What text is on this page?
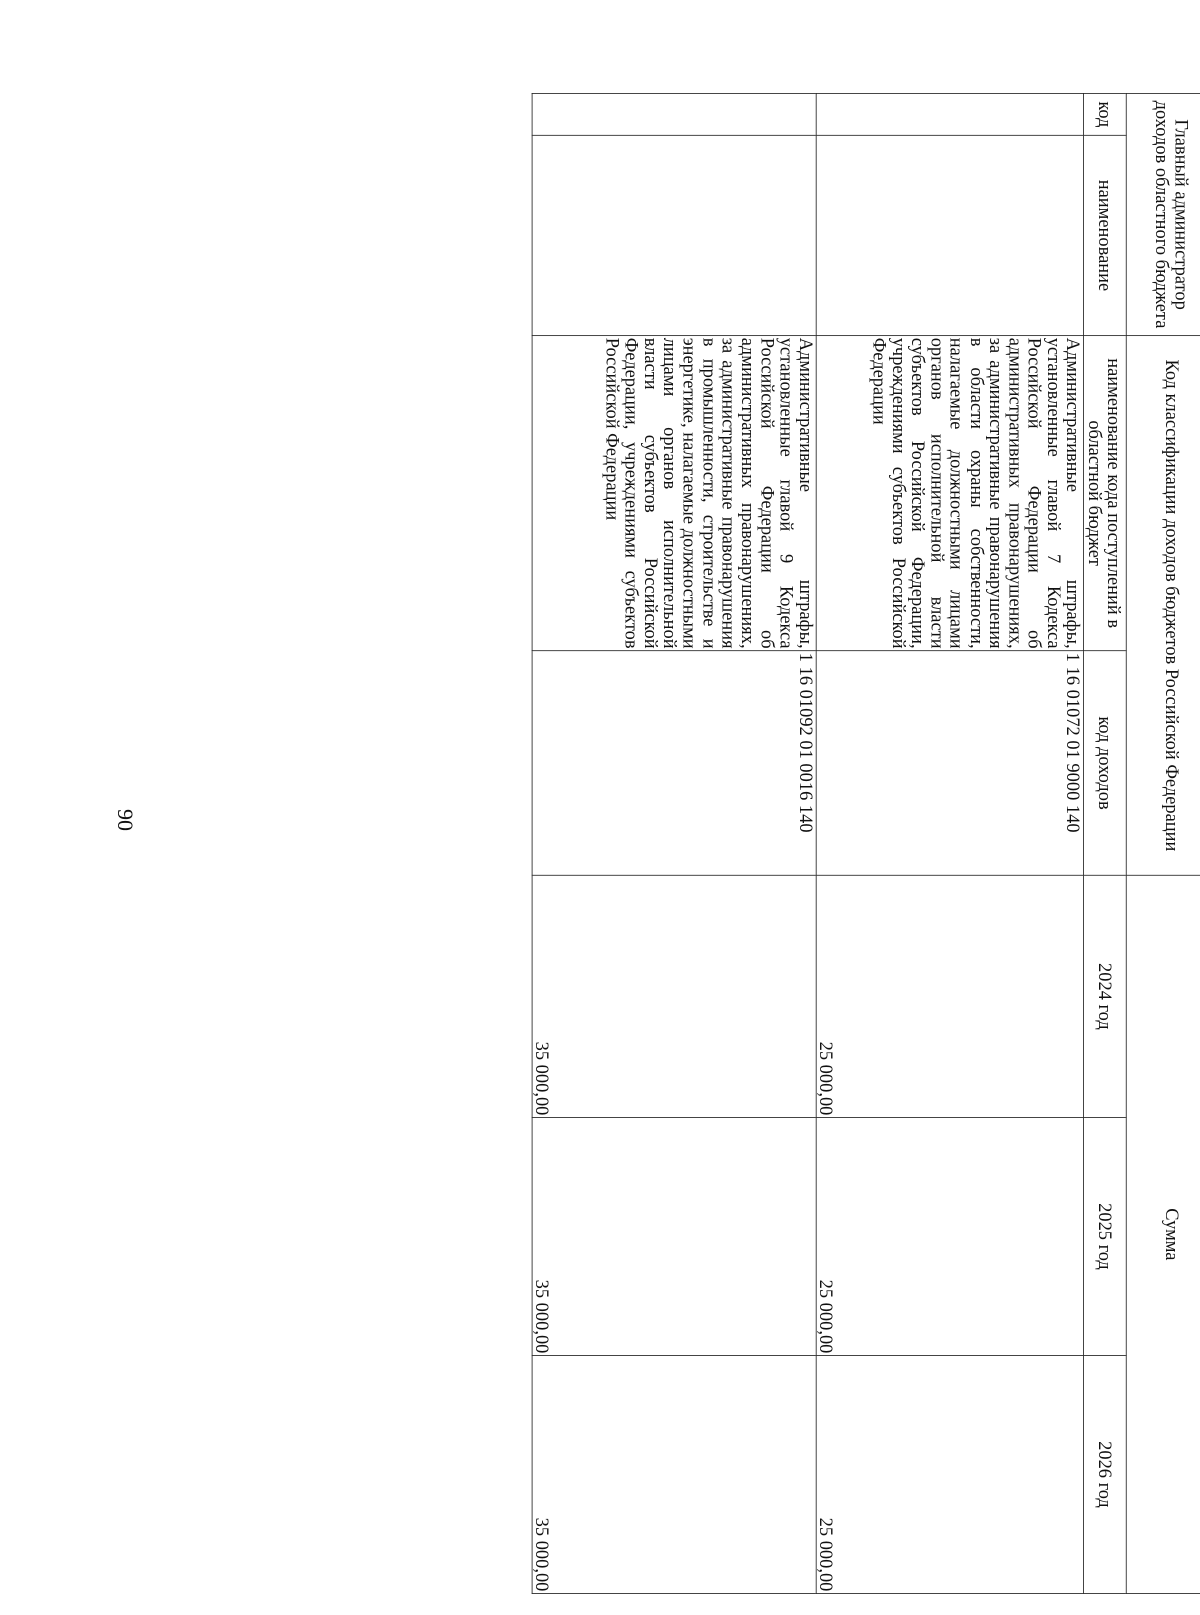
90
Главный администратор доходов областного бюджета		Код классификации доходов бюджетов Российской Федерации		Сумма		
код	наименование	наименование кода поступлений в областной бюджет	код доходов	2024 год	2025 год	2026 год
		Административные штрафы, установленные главой 7 Кодекса Российской Федерации об административных правонарушениях, за административные правонарушения в области охраны собственности, налагаемые должностными лицами органов исполнительной власти субъектов Российской Федерации, учреждениями субъектов Российской Федерации	1 16 01072 01 9000 140	25 000,00	25 000,00	25 000,00
		Административные штрафы, установленные главой 9 Кодекса Российской Федерации об административных правонарушениях, за административные правонарушения в промышленности, строительстве и энергетике, налагаемые должностными лицами органов исполнительной власти субъектов Российской Федерации, учреждениями субъектов Российской Федерации	1 16 01092 01 0016 140	35 000,00	35 000,00	35 000,00
